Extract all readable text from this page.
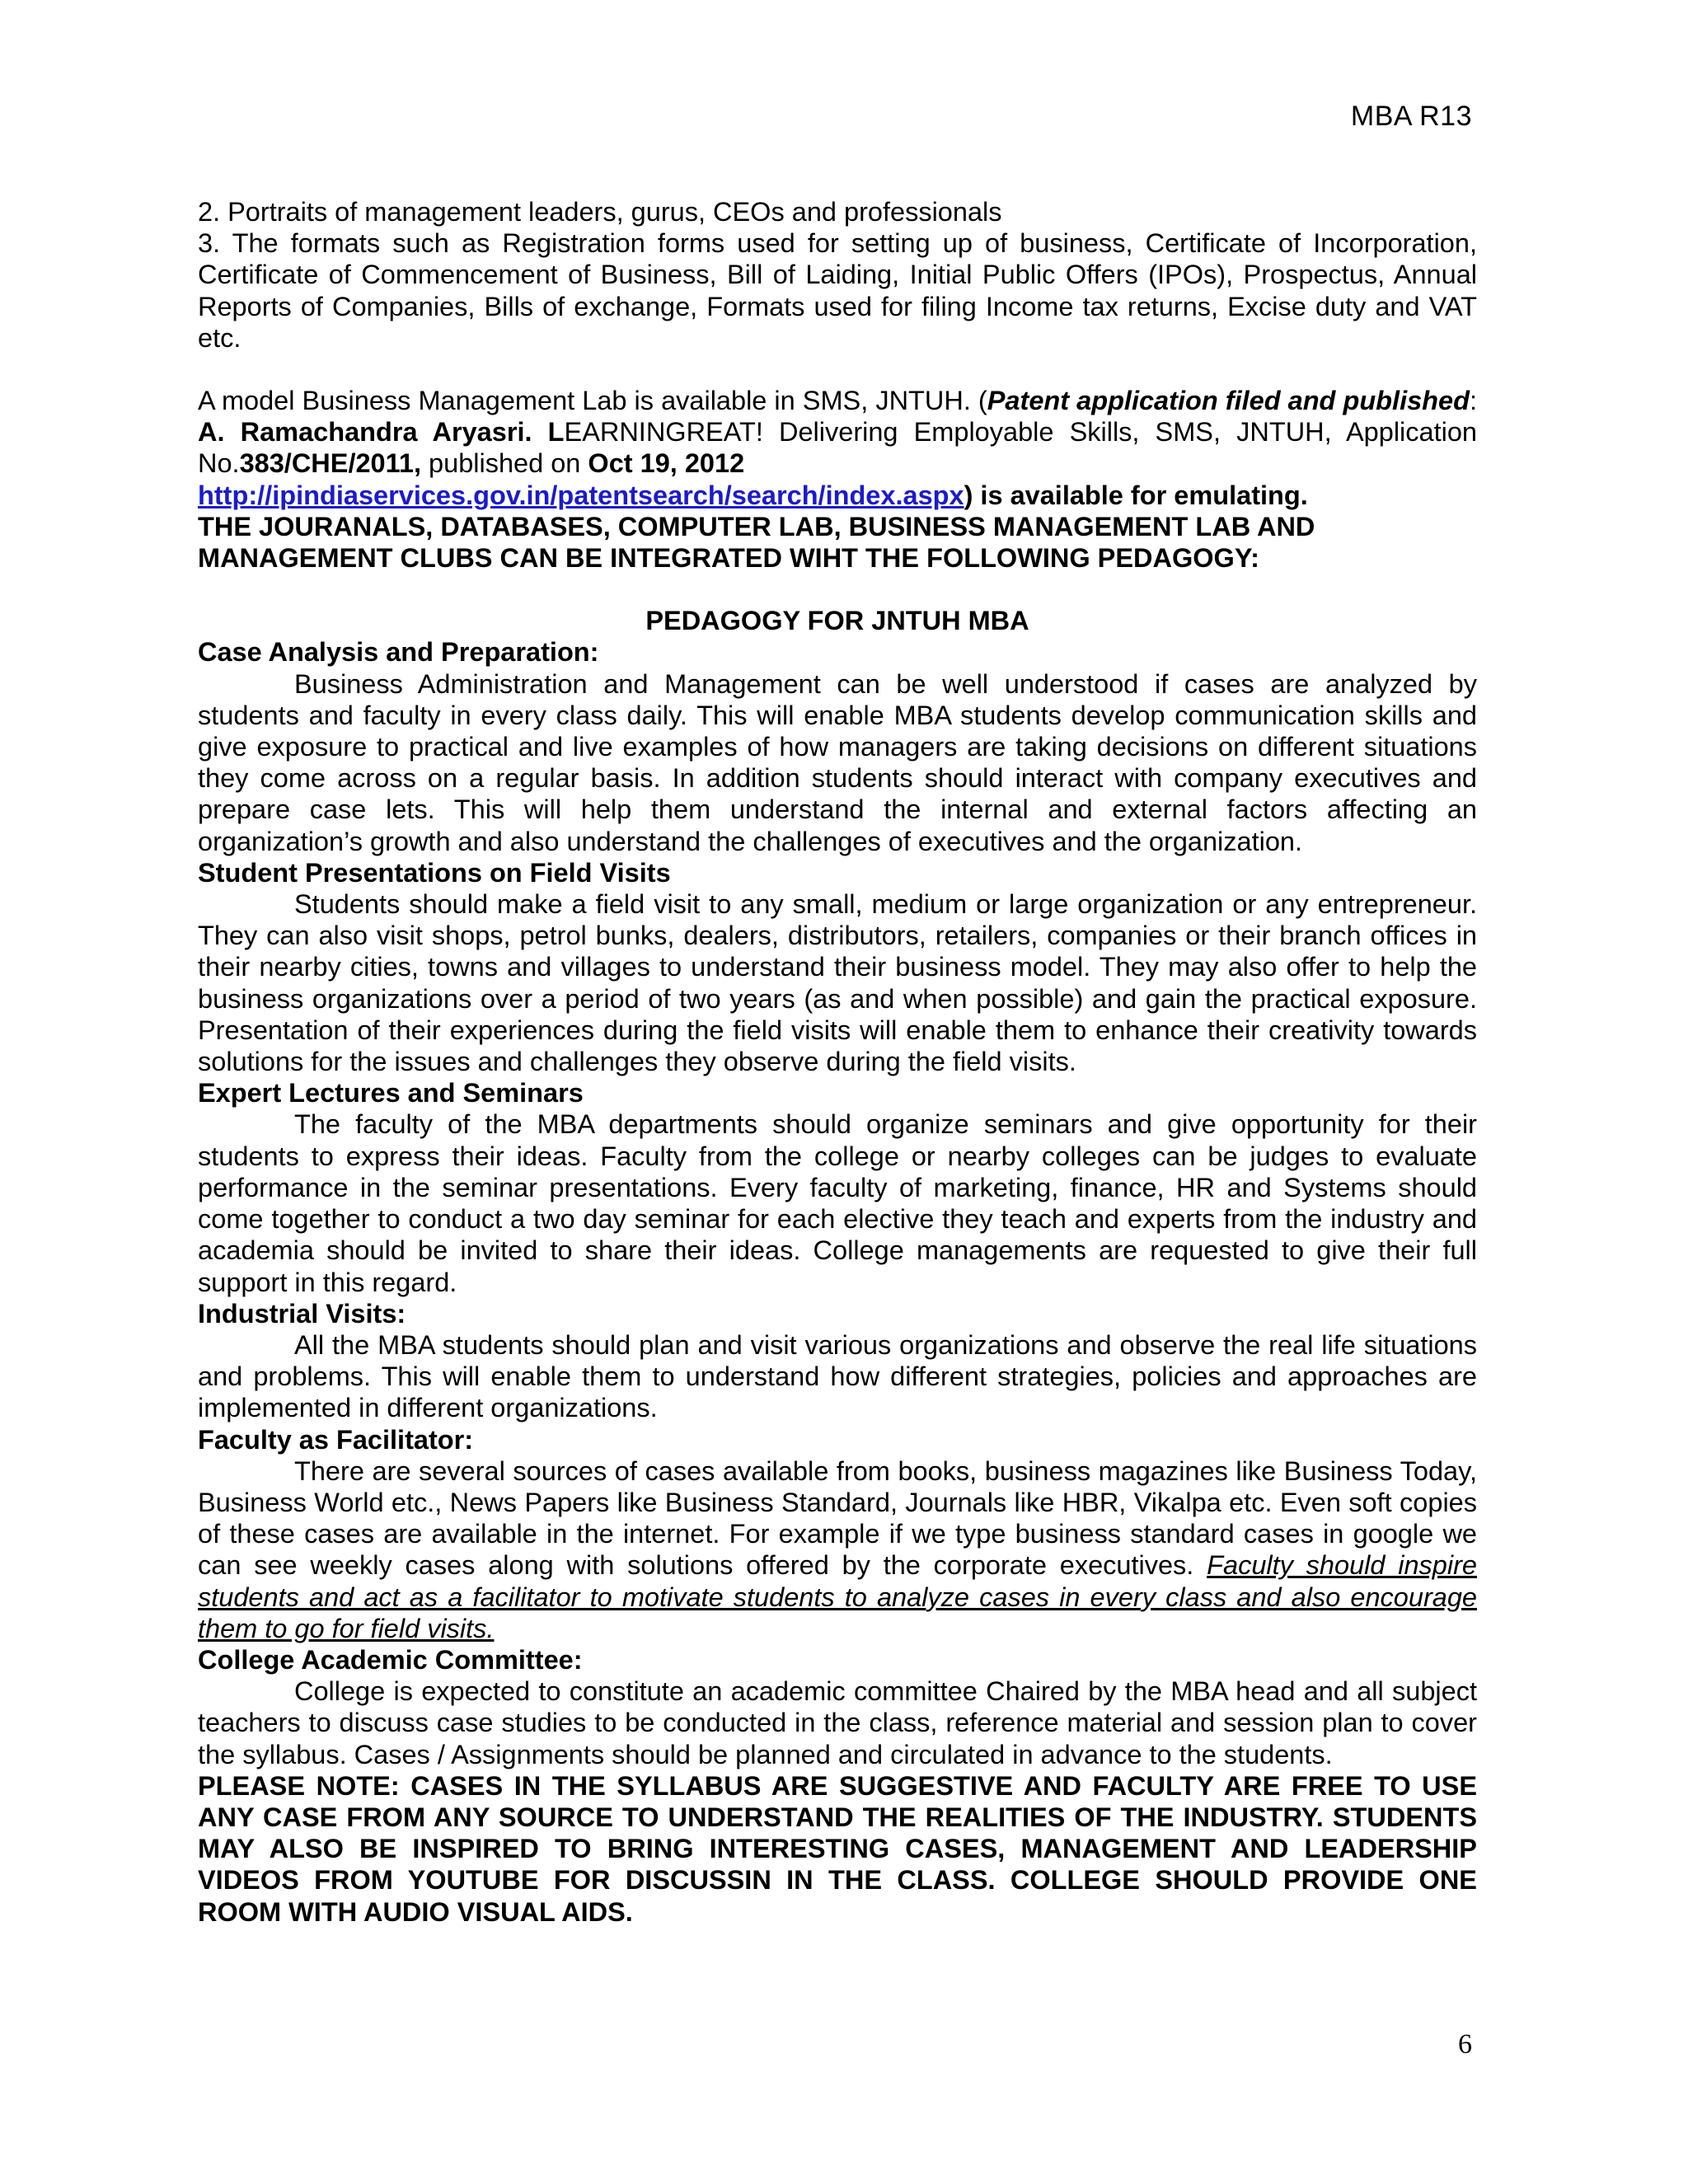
MBA R13
2. Portraits of management leaders, gurus, CEOs and professionals
3. The formats such as Registration forms used for setting up of business, Certificate of Incorporation, Certificate of Commencement of Business, Bill of Laiding, Initial Public Offers (IPOs), Prospectus, Annual Reports of Companies, Bills of exchange, Formats used for filing Income tax returns, Excise duty and VAT etc.
A model Business Management Lab is available in SMS, JNTUH. (Patent application filed and published: A. Ramachandra Aryasri. LEARNINGREAT! Delivering Employable Skills, SMS, JNTUH, Application No.383/CHE/2011, published on Oct 19, 2012
http://ipindiaservices.gov.in/patentsearch/search/index.aspx) is available for emulating.
THE JOURANALS, DATABASES, COMPUTER LAB, BUSINESS MANAGEMENT LAB AND MANAGEMENT CLUBS CAN BE INTEGRATED WIHT THE FOLLOWING PEDAGOGY:
PEDAGOGY FOR JNTUH MBA
Case Analysis and Preparation:
Business Administration and Management can be well understood if cases are analyzed by students and faculty in every class daily. This will enable MBA students develop communication skills and give exposure to practical and live examples of how managers are taking decisions on different situations they come across on a regular basis. In addition students should interact with company executives and prepare case lets. This will help them understand the internal and external factors affecting an organization’s growth and also understand the challenges of executives and the organization.
Student Presentations on Field Visits
Students should make a field visit to any small, medium or large organization or any entrepreneur. They can also visit shops, petrol bunks, dealers, distributors, retailers, companies or their branch offices in their nearby cities, towns and villages to understand their business model. They may also offer to help the business organizations over a period of two years (as and when possible) and gain the practical exposure. Presentation of their experiences during the field visits will enable them to enhance their creativity towards solutions for the issues and challenges they observe during the field visits.
Expert Lectures and Seminars
The faculty of the MBA departments should organize seminars and give opportunity for their students to express their ideas. Faculty from the college or nearby colleges can be judges to evaluate performance in the seminar presentations. Every faculty of marketing, finance, HR and Systems should come together to conduct a two day seminar for each elective they teach and experts from the industry and academia should be invited to share their ideas. College managements are requested to give their full support in this regard.
Industrial Visits:
All the MBA students should plan and visit various organizations and observe the real life situations and problems. This will enable them to understand how different strategies, policies and approaches are implemented in different organizations.
Faculty as Facilitator:
There are several sources of cases available from books, business magazines like Business Today, Business World etc., News Papers like Business Standard, Journals like HBR, Vikalpa etc. Even soft copies of these cases are available in the internet. For example if we type business standard cases in google we can see weekly cases along with solutions offered by the corporate executives. Faculty should inspire students and act as a facilitator to motivate students to analyze cases in every class and also encourage them to go for field visits.
College Academic Committee:
College is expected to constitute an academic committee Chaired by the MBA head and all subject teachers to discuss case studies to be conducted in the class, reference material and session plan to cover the syllabus. Cases / Assignments should be planned and circulated in advance to the students.
PLEASE NOTE: CASES IN THE SYLLABUS ARE SUGGESTIVE AND FACULTY ARE FREE TO USE ANY CASE FROM ANY SOURCE TO UNDERSTAND THE REALITIES OF THE INDUSTRY. STUDENTS MAY ALSO BE INSPIRED TO BRING INTERESTING CASES, MANAGEMENT AND LEADERSHIP VIDEOS FROM YOUTUBE FOR DISCUSSIN IN THE CLASS. COLLEGE SHOULD PROVIDE ONE ROOM WITH AUDIO VISUAL AIDS.
6
